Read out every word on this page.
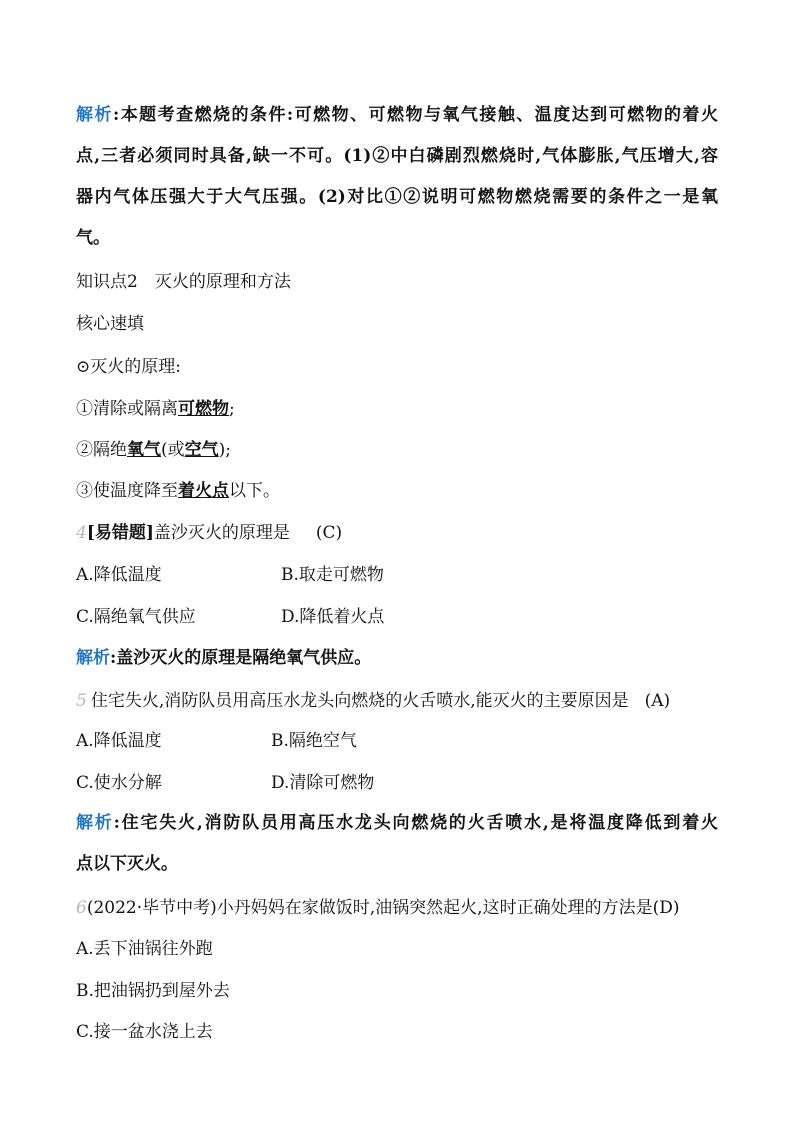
解析:本题考查燃烧的条件:可燃物、可燃物与氧气接触、温度达到可燃物的着火
点,三者必须同时具备,缺一不可。(1)②中白磷剧烈燃烧时,气体膨胀,气压增大,容
器内气体压强大于大气压强。(2)对比①②说明可燃物燃烧需要的条件之一是氧
气。
知识点2　灭火的原理和方法
核心速填
⊙灭火的原理:
①清除或隔离可燃物;
②隔绝氧气(或空气);
③使温度降至着火点以下。
4[易错题]盖沙灭火的原理是 (C)
A.降低温度	B.取走可燃物
C.隔绝氧气供应	D.降低着火点
解析:盖沙灭火的原理是隔绝氧气供应。
5 住宅失火,消防队员用高压水龙头向燃烧的火舌喷水,能灭火的主要原因是 (A)
A.降低温度	B.隔绝空气
C.使水分解	D.清除可燃物
解析:住宅失火,消防队员用高压水龙头向燃烧的火舌喷水,是将温度降低到着火
点以下灭火。
6(2022·毕节中考)小丹妈妈在家做饭时,油锅突然起火,这时正确处理的方法是(D)
A.丢下油锅往外跑
B.把油锅扔到屋外去
C.接一盆水浇上去
